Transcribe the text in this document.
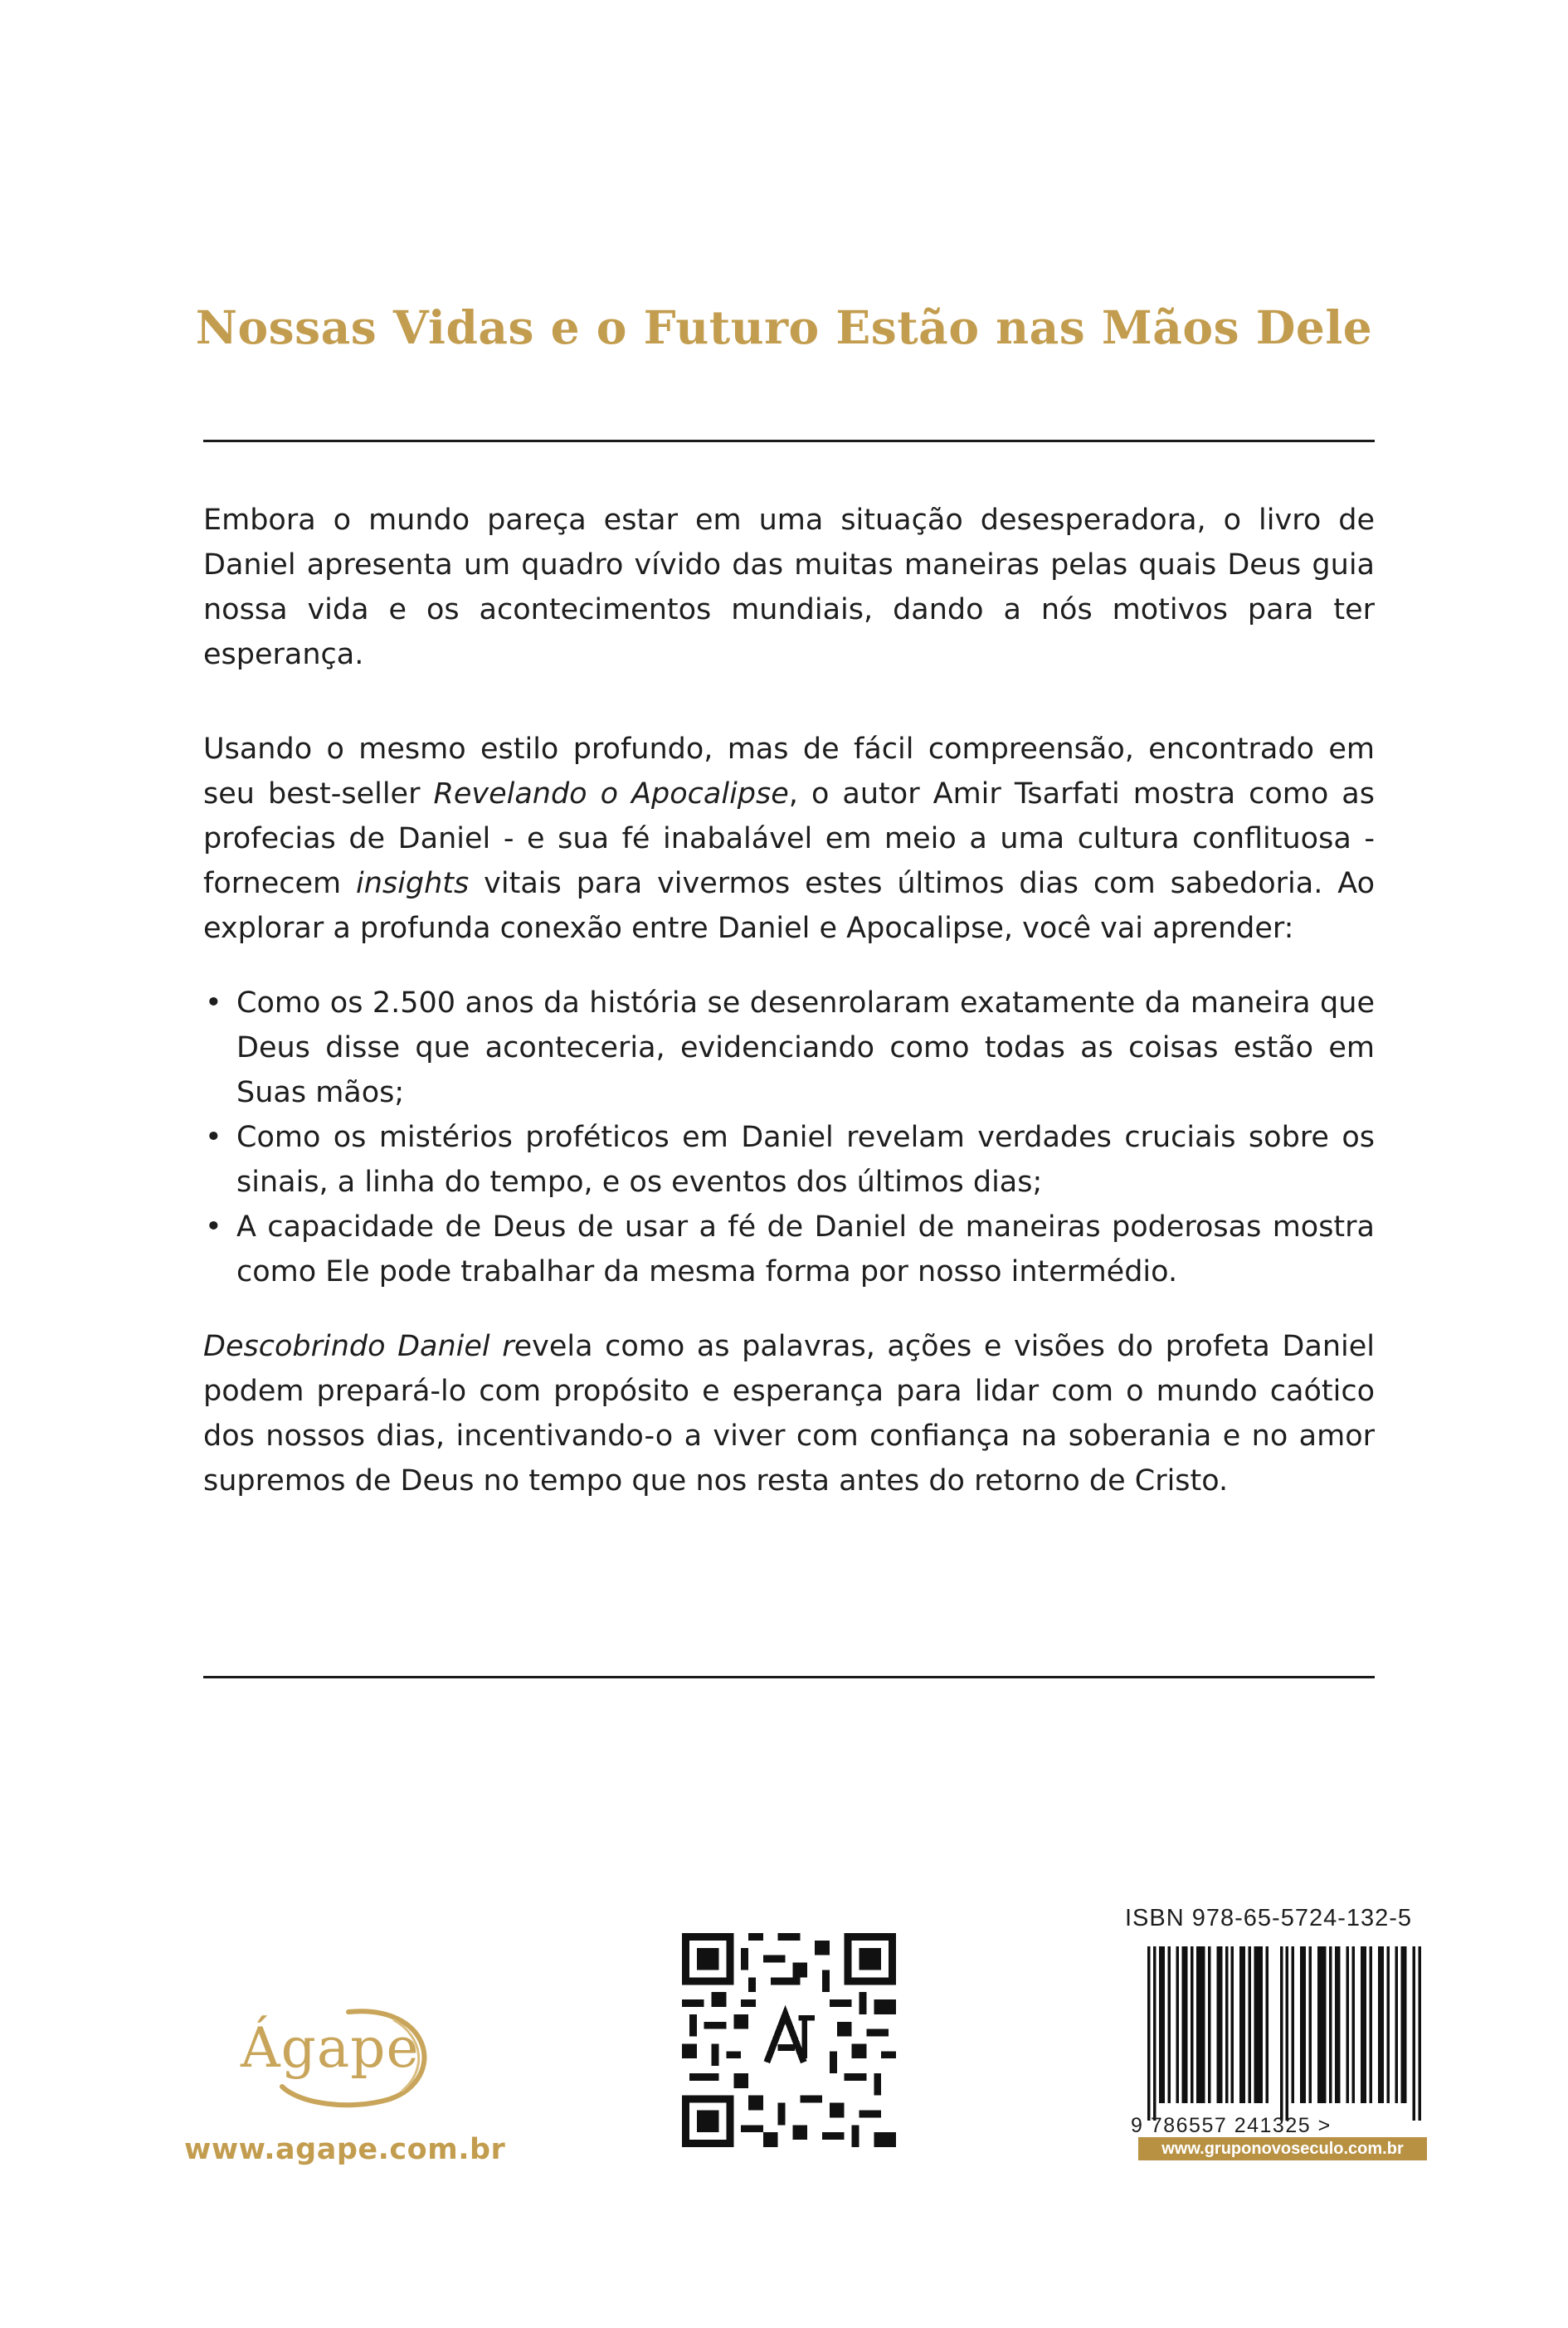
Nossas Vidas e o Futuro Estão nas Mãos Dele

Embora o mundo pareça estar em uma situação desesperadora, o livro de Daniel apresenta um quadro vívido das muitas maneiras pelas quais Deus guia nossa vida e os acontecimentos mundiais, dando a nós motivos para ter esperança.

Usando o mesmo estilo profundo, mas de fácil compreensão, encontrado em seu best-seller Revelando o Apocalipse, o autor Amir Tsarfati mostra como as profecias de Daniel - e sua fé inabalável em meio a uma cultura conflituosa - fornecem insights vitais para vivermos estes últimos dias com sabedoria. Ao explorar a profunda conexão entre Daniel e Apocalipse, você vai aprender:

• Como os 2.500 anos da história se desenrolaram exatamente da maneira que Deus disse que aconteceria, evidenciando como todas as coisas estão em Suas mãos;
• Como os mistérios proféticos em Daniel revelam verdades cruciais sobre os sinais, a linha do tempo, e os eventos dos últimos dias;
• A capacidade de Deus de usar a fé de Daniel de maneiras poderosas mostra como Ele pode trabalhar da mesma forma por nosso intermédio.

Descobrindo Daniel revela como as palavras, ações e visões do profeta Daniel podem prepará-lo com propósito e esperança para lidar com o mundo caótico dos nossos dias, incentivando-o a viver com confiança na soberania e no amor supremos de Deus no tempo que nos resta antes do retorno de Cristo.

Ágape
www.agape.com.br
ISBN 978-65-5724-132-5
9 786557 241325 >
www.gruponovoseculo.com.br
